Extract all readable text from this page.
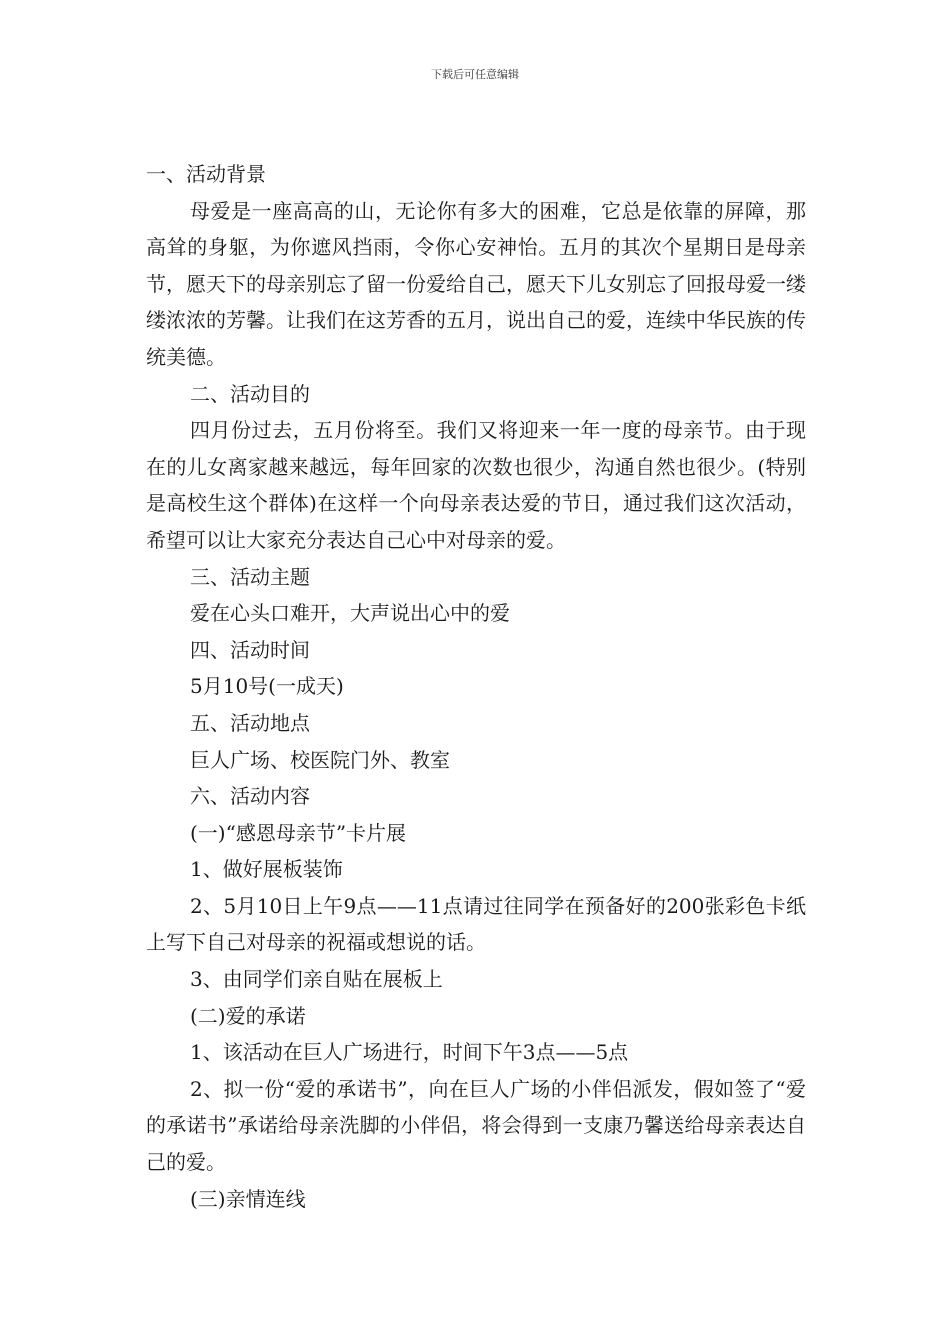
下载后可任意编辑

一、活动背景

母爱是一座高高的山，无论你有多大的困难，它总是依靠的屏障，那高耸的身躯，为你遮风挡雨，令你心安神怡。五月的其次个星期日是母亲节，愿天下的母亲别忘了留一份爱给自己，愿天下儿女别忘了回报母爱一缕缕浓浓的芳馨。让我们在这芳香的五月，说出自己的爱，连续中华民族的传统美德。

二、活动目的

四月份过去，五月份将至。我们又将迎来一年一度的母亲节。由于现在的儿女离家越来越远，每年回家的次数也很少，沟通自然也很少。(特别是高校生这个群体)在这样一个向母亲表达爱的节日，通过我们这次活动，希望可以让大家充分表达自己心中对母亲的爱。

三、活动主题

爱在心头口难开，大声说出心中的爱

四、活动时间

5月10号(一成天)

五、活动地点

巨人广场、校医院门外、教室

六、活动内容

(一)“感恩母亲节”卡片展

1、做好展板装饰

2、5月10日上午9点——11点请过往同学在预备好的200张彩色卡纸上写下自己对母亲的祝福或想说的话。

3、由同学们亲自贴在展板上

(二)爱的承诺

1、该活动在巨人广场进行，时间下午3点——5点

2、拟一份“爱的承诺书”，向在巨人广场的小伴侣派发，假如签了“爱的承诺书”承诺给母亲洗脚的小伴侣，将会得到一支康乃馨送给母亲表达自己的爱。

(三)亲情连线
